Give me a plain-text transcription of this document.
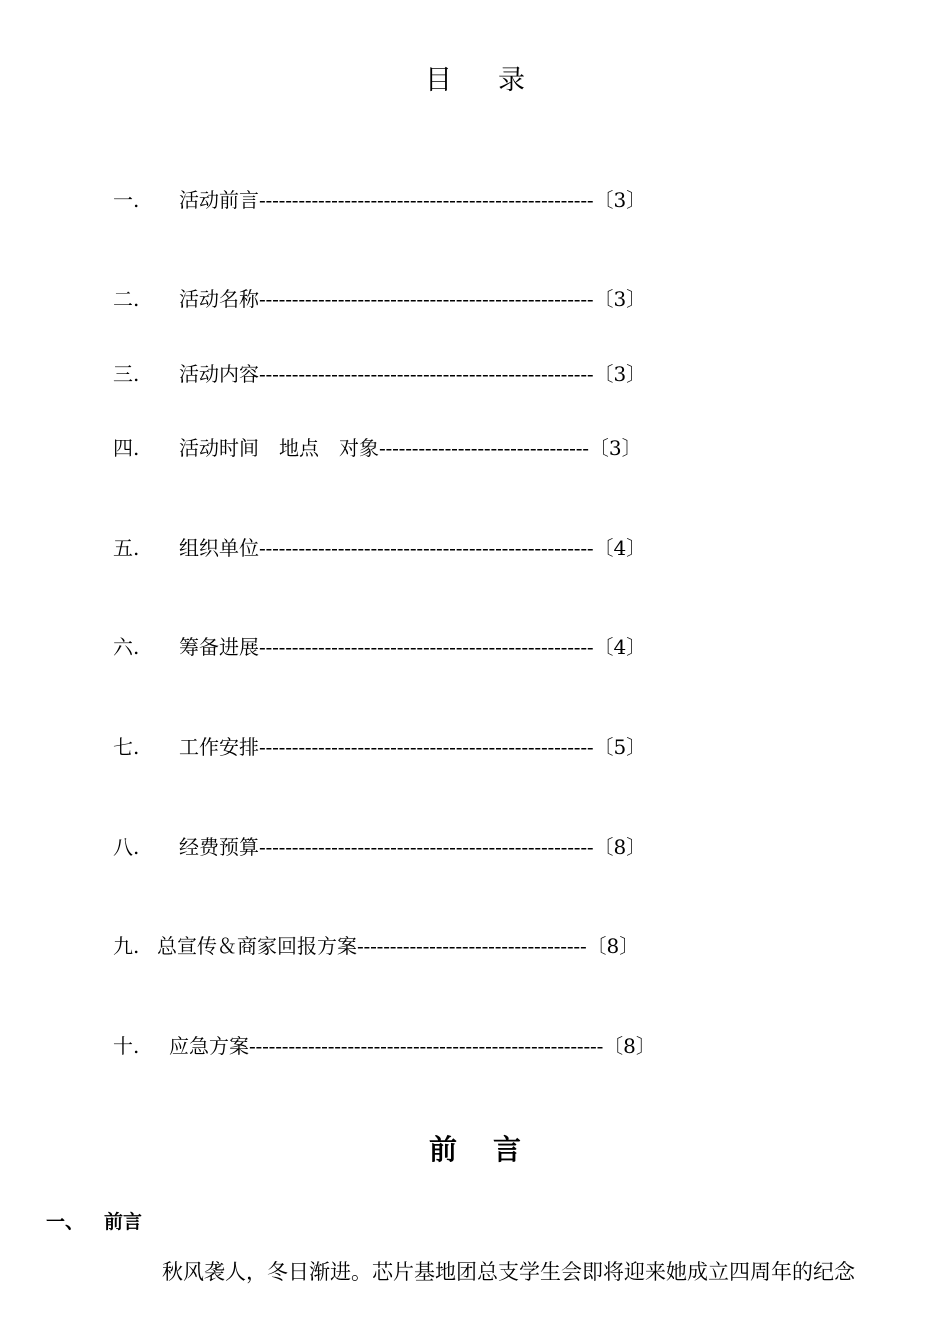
目 录
一. 活动前言---------------------------------------------------〔3〕
二. 活动名称---------------------------------------------------〔3〕
三. 活动内容---------------------------------------------------〔3〕
四. 活动时间　地点　对象--------------------------------〔3〕
五. 组织单位---------------------------------------------------〔4〕
六. 筹备进展---------------------------------------------------〔4〕
七. 工作安排---------------------------------------------------〔5〕
八. 经费预算---------------------------------------------------〔8〕
九. 总宣传＆商家回报方案-----------------------------------〔8〕
十. 应急方案------------------------------------------------------〔8〕
前 言
一、 前言
秋风袭人，冬日渐进。芯片基地团总支学生会即将迎来她成立四周年的纪念
